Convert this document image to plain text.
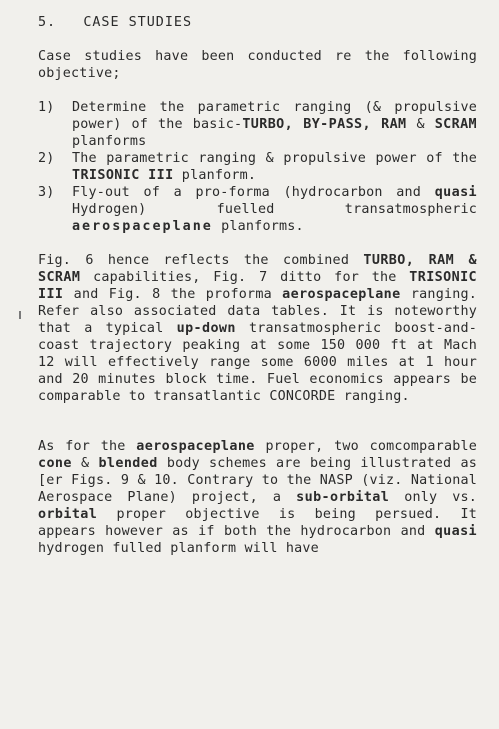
5. CASE STUDIES

Case studies have been conducted re the following objective;

1)	Determine the parametric ranging (& propulsive power) of the basic-TURBO, BY-PASS, RAM & SCRAM planforms
2)	The parametric ranging & propulsive power of the TRISONIC III planform.
3)	Fly-out of a pro-forma (hydrocarbon and quasi Hydrogen) fuelled transatmospheric aerospaceplane planforms.

Fig. 6 hence reflects the combined TURBO, RAM & SCRAM capabilities, Fig. 7 ditto for the TRISONIC III and Fig. 8 the proforma aerospaceplane ranging. Refer also associated data tables. It is noteworthy that a typical up-down transatmospheric boost-and-coast trajectory peaking at some 150 000 ft at Mach 12 will effectively range some 6000 miles at 1 hour and 20 minutes block time. Fuel economics appears be comparable to transatlantic CONCORDE ranging.

As for the aerospaceplane proper, two comcomparable cone & blended body schemes are being illustrated as [er Figs. 9 & 10. Contrary to the NASP (viz. National Aerospace Plane) project, a sub-orbital only vs. orbital proper objective is being persued. It appears however as if both the hydrocarbon and quasi hydrogen fulled planform will have
